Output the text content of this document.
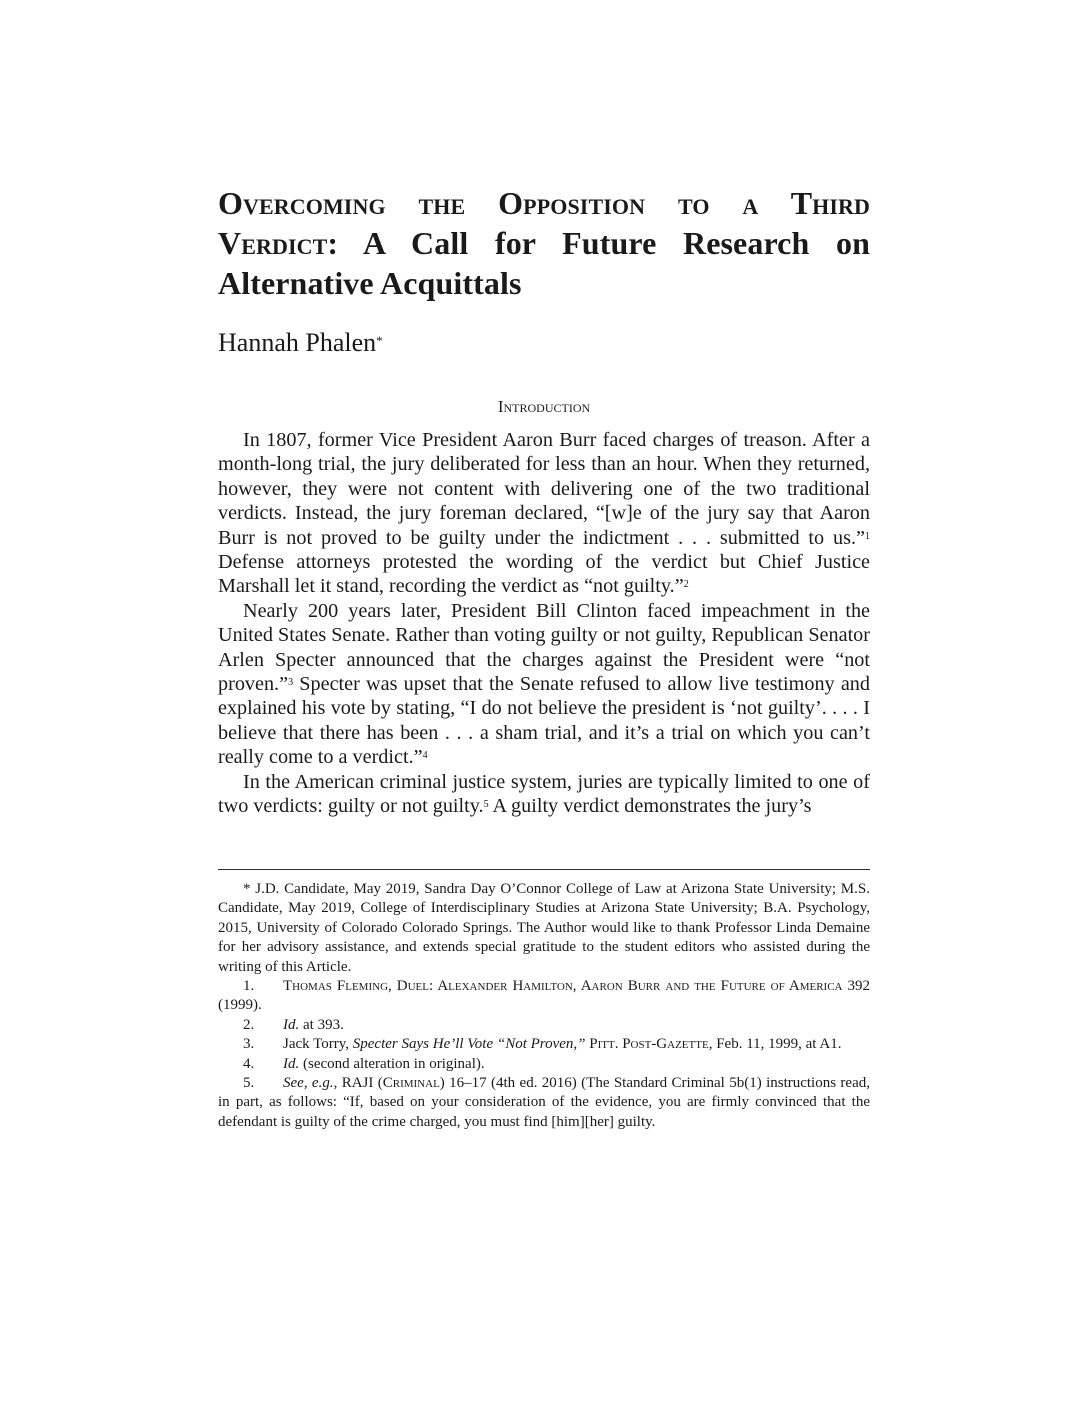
Overcoming the Opposition to a Third Verdict: A Call for Future Research on Alternative Acquittals

Hannah Phalen*

Introduction

In 1807, former Vice President Aaron Burr faced charges of treason. After a month-long trial, the jury deliberated for less than an hour. When they returned, however, they were not content with delivering one of the two traditional verdicts. Instead, the jury foreman declared, “[w]e of the jury say that Aaron Burr is not proved to be guilty under the indictment . . . submitted to us.”$^1$ Defense attorneys protested the wording of the verdict but Chief Justice Marshall let it stand, recording the verdict as “not guilty.”$^2$

Nearly 200 years later, President Bill Clinton faced impeachment in the United States Senate. Rather than voting guilty or not guilty, Republican Senator Arlen Specter announced that the charges against the President were “not proven.”$^3$ Specter was upset that the Senate refused to allow live testimony and explained his vote by stating, “I do not believe the president is ‘not guilty’. . . . I believe that there has been . . . a sham trial, and it’s a trial on which you can’t really come to a verdict.”$^4$

In the American criminal justice system, juries are typically limited to one of two verdicts: guilty or not guilty.$^5$ A guilty verdict demonstrates the jury’s

* J.D. Candidate, May 2019, Sandra Day O’Connor College of Law at Arizona State University; M.S. Candidate, May 2019, College of Interdisciplinary Studies at Arizona State University; B.A. Psychology, 2015, University of Colorado Colorado Springs. The Author would like to thank Professor Linda Demaine for her advisory assistance, and extends special gratitude to the student editors who assisted during the writing of this Article.

1. Thomas Fleming, Duel: Alexander Hamilton, Aaron Burr and the Future of America 392 (1999).

2. Id. at 393.

3. Jack Torry, Specter Says He’ll Vote “Not Proven,” Pitt. Post-Gazette, Feb. 11, 1999, at A1.

4. Id. (second alteration in original).

5. See, e.g., RAJI (Criminal) 16–17 (4th ed. 2016) (The Standard Criminal 5b(1) instructions read, in part, as follows: “If, based on your consideration of the evidence, you are firmly convinced that the defendant is guilty of the crime charged, you must find [him][her] guilty.
